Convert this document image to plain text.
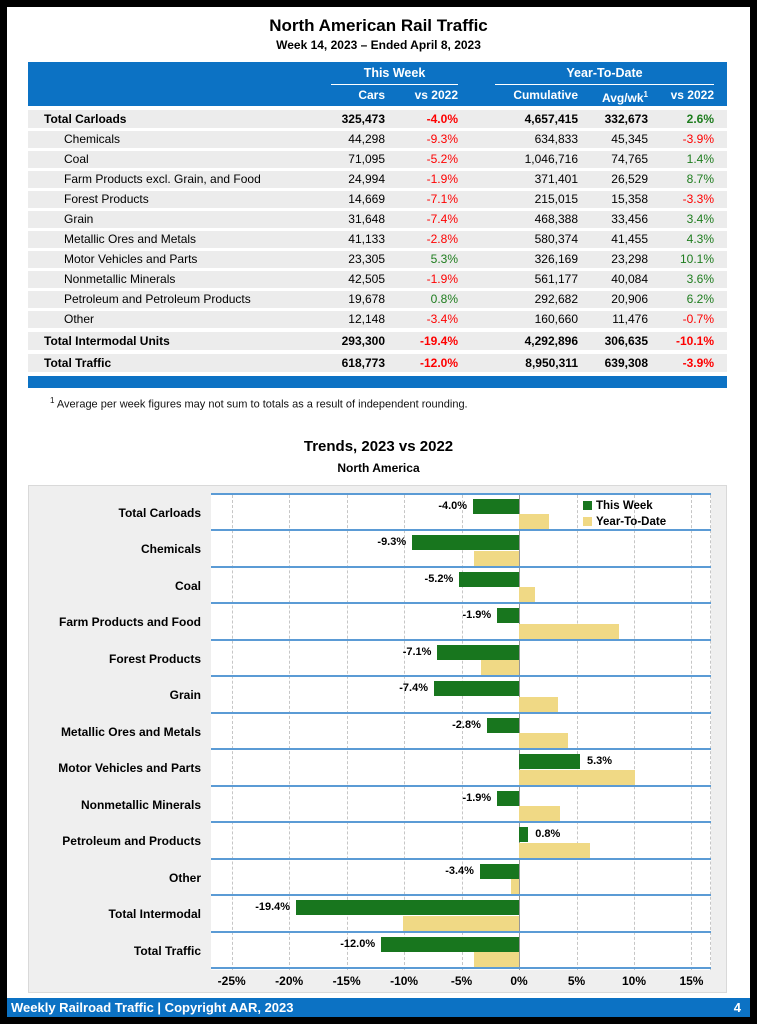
North American Rail Traffic
Week 14, 2023 – Ended April 8, 2023
This Week	Year-To-Date
Cars	vs 2022	Cumulative	Avg/$wk^1$	vs 2022
Total Carloads	325,473	-4.0%	4,657,415	332,673	2.6%
Chemicals	44,298	-9.3%	634,833	45,345	-3.9%
Coal	71,095	-5.2%	1,046,716	74,765	1.4%
Farm Products excl. Grain, and Food	24,994	-1.9%	371,401	26,529	8.7%
Forest Products	14,669	-7.1%	215,015	15,358	-3.3%
Grain	31,648	-7.4%	468,388	33,456	3.4%
Metallic Ores and Metals	41,133	-2.8%	580,374	41,455	4.3%
Motor Vehicles and Parts	23,305	5.3%	326,169	23,298	10.1%
Nonmetallic Minerals	42,505	-1.9%	561,177	40,084	3.6%
Petroleum and Petroleum Products	19,678	0.8%	292,682	20,906	6.2%
Other	12,148	-3.4%	160,660	11,476	-0.7%
Total Intermodal Units	293,300	-19.4%	4,292,896	306,635	-10.1%
Total Traffic	618,773	-12.0%	8,950,311	639,308	-3.9%
$^1$ Average per week figures may not sum to totals as a result of independent rounding.
Trends, 2023 vs 2022
North America
Total Carloads
Chemicals
Coal
Farm Products and Food
Forest Products
Grain
Metallic Ores and Metals
Motor Vehicles and Parts
Nonmetallic Minerals
Petroleum and Products
Other
Total Intermodal
Total Traffic
-4.0%
-9.3%
-5.2%
-1.9%
-7.1%
-7.4%
-2.8%
5.3%
-1.9%
0.8%
-3.4%
-19.4%
-12.0%
This Week
Year-To-Date
-25% -20% -15% -10%	-5%	0%	5%	10%	15%
Weekly Railroad Traffic | Copyright AAR, 2023	4
